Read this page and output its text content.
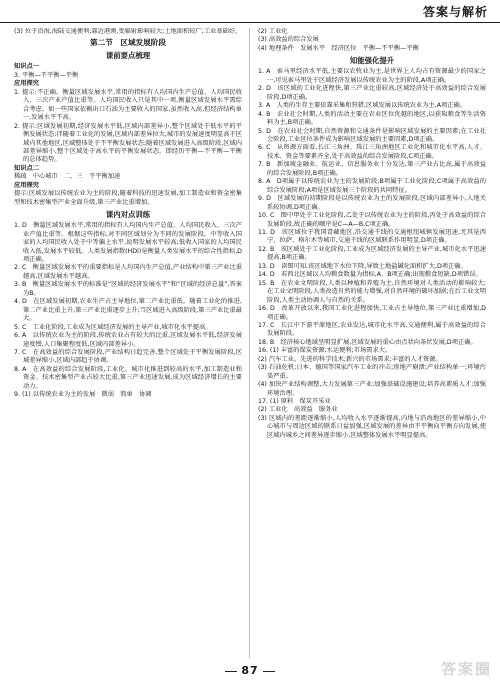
答案与解析
(3) 位于沿海,海陆交通便利;靠近港澳,受辐射影响较大;土地面积较广;工业基础好。
第二节　区域发展阶段
课前要点梳理
知识点一
3. 平衡—不平衡—平衡
应用探究
1. 提示:不正确。衡量区域发展水平,常用的指标有人均国内生产总值、人均国民收入、三次产业产值比重等。人均国民收入只是其中一项,衡量区域发展水平需综合考虑。如一些国家依赖出口石油为主要收入的国家,虽然收入高,但经济结构单一,发展水平不高。
2. 提示:区域发展初期,经济发展水平低,区域内部差异小,整个区域处于低水平的平衡发展状态;伴随着工业化的发展,区域内部差异拉大,城市的发展速度明显高于区域内其他地区,区域整体处于不平衡发展状态;随着区域发展进入高级阶段,区域内部差异缩小,整个区域处于高水平的平衡发展状态。即经历平衡—不平衡—平衡的总体趋势。
知识点二
稀疏　中心城市　二、三　不平衡加速
应用探究
提示:区域发展以传统农业为主的阶段,随着科技的迅速发展,加工制造业和资金密集型和技术密集型产业全面升级,第三产业比重增加。
课内对点训练
1. D　衡量区域发展水平,常用的指标有人均国内生产总值、人均国民收入、三次产业产值比重等。根据这些指标,对不同区域划分为不同的发展阶段。中等收入国家的人均国民收入处于中等偏上水平,说明发展水平较高;低收入国家的人均国民收入低,发展水平较低。人类发展指数(HDI)是衡量人类发展水平的综合性指标,D项正确。
2. C　衡量区域发展水平的重要指标是人均国内生产总值,产业结构中第三产业比重越高,区域发展水平越高。
3. B　衡量区域发展水平的标准是“区域的经济发展水平”和“区域的经济总量”,答案为B。
4. D　在区域发展初期,农业生产占主导地位,第二产业比重低。随着工业化的推进,第二产业比重上升,第三产业比重逐步上升;当区域进入高级阶段,第三产业比重最大。
5. C　工业化阶段,工业成为区域经济发展的主导产业,城市化水平提高。
6. A　以传统农业为主的阶段,传统农业占有较大的比重,区域发展水平低,经济发展速度慢,人口集聚程度低,区域内部差异小。
7. C　在高效益的综合发展阶段,产业结构日趋完善,整个区域处于平衡发展阶段,区域差异缩小,区域内部趋于协调。
8. A　在高效益的综合发展阶段,工业化、城市化推进到较高的水平,加工制造业和资金、技术密集型产业占较大比重,第三产业迅速发展,成为区域经济增长的主要动力。
9. (1) 以传统农业为主的发展　微弱　简单　协调
(2) 工业化
(3) 高效益的综合发展
(4) 地理条件　发展水平　经济区位　平衡—不平衡—平衡
知能强化提升
1. A　索马里经济水平低,主要以农牧业为主,是世界上人均占有资源最少的国家之一,可见索马里处于区域经济发展以传统农业为主的阶段,A项正确。
2. D　该区域的工业化进程快,第三产业比重较高,区域经济处于高效益的综合发展阶段,D项正确。
3. A　人类的生存主要依靠采集和狩猎,区域发展以传统农业为主,A项正确。
4. B　农业社会时期,人类的活动主要在农业区位优越的地区,以获取粮食等生活资料为主,B项正确。
5. D　在农业社会时期,自然资源和交通条件是影响区域发展的主要因素;在工业社会阶段,工业区位条件成为影响区域发展的主要因素,D项正确。
6. C　从资源方面看,长江三角洲、珠江三角洲地区工业化和城市化水平高,人才、技术、资金等要素齐全,处于高效益的综合发展阶段,C项正确。
7. B　新加坡金融业、航运业、信息服务业十分发达,第三产业占比高,属于高效益的综合发展阶段,B项正确。
8. A　D项属于以传统农业为主的发展阶段;B项属于工业化阶段;C项属于高效益的综合发展阶段;A项是区域发展三个阶段的共同特征。
9. D　区域发展的初期阶段是以传统农业为主的发展阶段,区域内部差异小,人地关系较协调,D项正确。
10. C　图中甲处于工业化阶段,乙处于以传统农业为主的阶段,丙处于高效益的综合发展阶段,故正确的顺序是C—A—B,C项正确。
11. D　该区域位于我国青藏地区,沿交通干线的交通枢纽城镇发展迅速,尤其是西宁、拉萨、格尔木等城市,交通干线的区域联系作用明显,D项正确。
12. B　该区域处于工业化阶段,工业成为区域经济发展的主导产业,城市化水平迅速提高,B项正确。
13. D　读图可知,该区域地下水位下降,导致土地盐碱化面积扩大,D项正确。
14. D　若西北区域以人均粮食数量为指标,A、B项正确;出现粮食短缺,D项错误。
15. B　在农业文明阶段,人类以种植和养殖为主,自然环境对人类活动的影响较大;在工业文明阶段,人类改造自然的能力增强,对自然环境的破坏加剧;在后工业文明阶段,人类主动协调人与自然的关系。
16. D　改革开放以来,我国工业化进程加快,工业占主导地位,第三产业比重增加,D项正确。
17. C　长江中下游平原地区,农业发达,城市化水平高,交通便利,属于高效益的综合发展阶段。
18. B　经济核心地域呈明显扩展,区域发展的重心由点状向条状发展,D项正确。
16. (1) 丰富的煤炭资源;水运便利;市场需求大。
(2) 汽车工业。先进的科学技术;新兴的市场需求;丰富的人才资源。
(3) 石油危机;日本、德国等国家汽车工业的冲击;房地产崩溃;产业结构单一;环境污染严重。
(4) 加快产业结构调整,大力发展第三产业;加强基础设施建设;培养高素质人才;加强环境治理。
17. (1) 原料　煤炭开采业
(2) 工业化　高效益　服务业
(3) 区域内的差距逐渐缩小,人均收入水平逐渐提高,内地与沿海地区的差异缩小,中心城市与周边区域的联系日益加强,区域发展的差异由不平衡向平衡方向发展,使区域内城乡之间差异逐步缩小,区域整体发展水平明显提高。
87	答案圈
